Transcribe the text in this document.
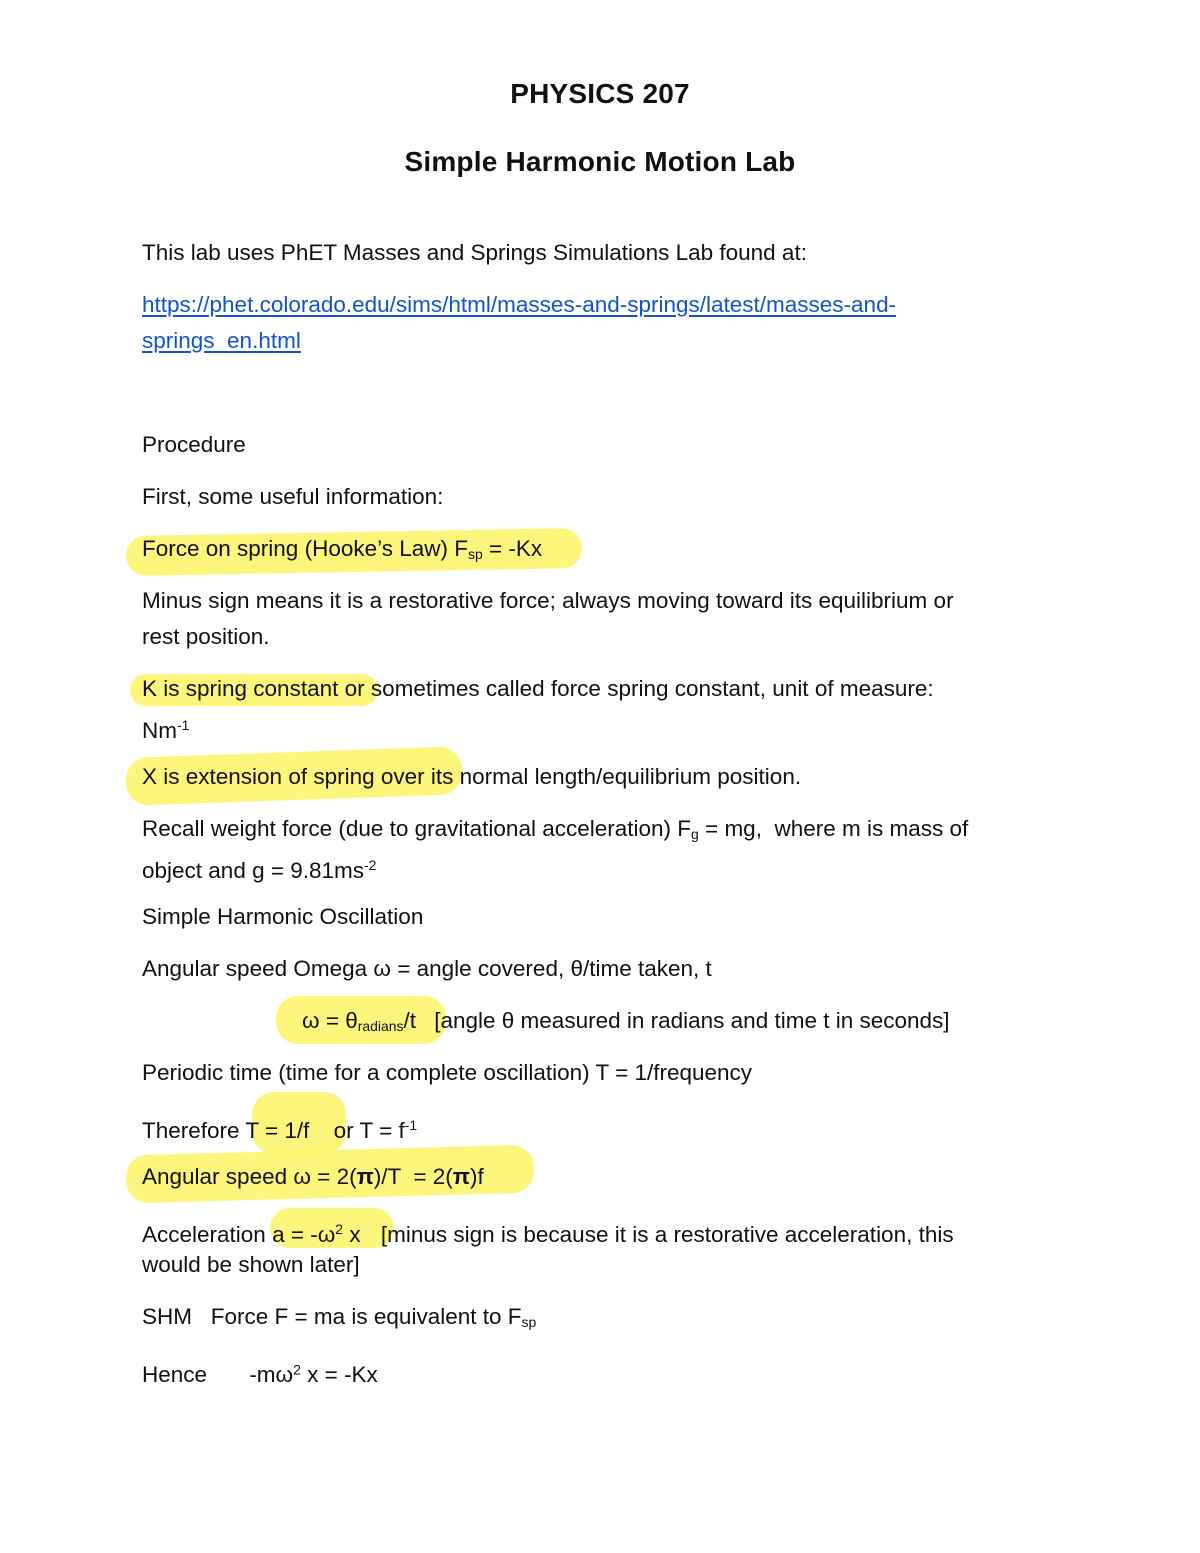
PHYSICS 207
Simple Harmonic Motion Lab
This lab uses PhET Masses and Springs Simulations Lab found at:
https://phet.colorado.edu/sims/html/masses-and-springs/latest/masses-and-
springs_en.html
Procedure
First, some useful information:
Force on spring (Hooke’s Law) $F_{sp} = -Kx$
Minus sign means it is a restorative force; always moving toward its equilibrium or
rest position.
K is spring constant or sometimes called force spring constant, unit of measure:
$Nm^{-1}$
X is extension of spring over its normal length/equilibrium position.
Recall weight force (due to gravitational acceleration) $F_g$ = mg,  where m is mass of
object and $g = 9.81ms^{-2}$
Simple Harmonic Oscillation
Angular speed Omega ω = angle covered, θ/time taken, t
$\omega = \theta_{radians}/t$ [angle θ measured in radians and time t in seconds]
Periodic time (time for a complete oscillation) T = 1/frequency
Therefore T = 1/f or $T = f^{-1}$
Angular speed ω = 2(π)/T  = 2(π)f
Acceleration $a = -\omega^2$ x [minus sign is because it is a restorative acceleration, this
would be shown later]
SHM   Force F = ma is equivalent to $F_{sp}$
Hence $-m\omega^2$ x = -Kx
